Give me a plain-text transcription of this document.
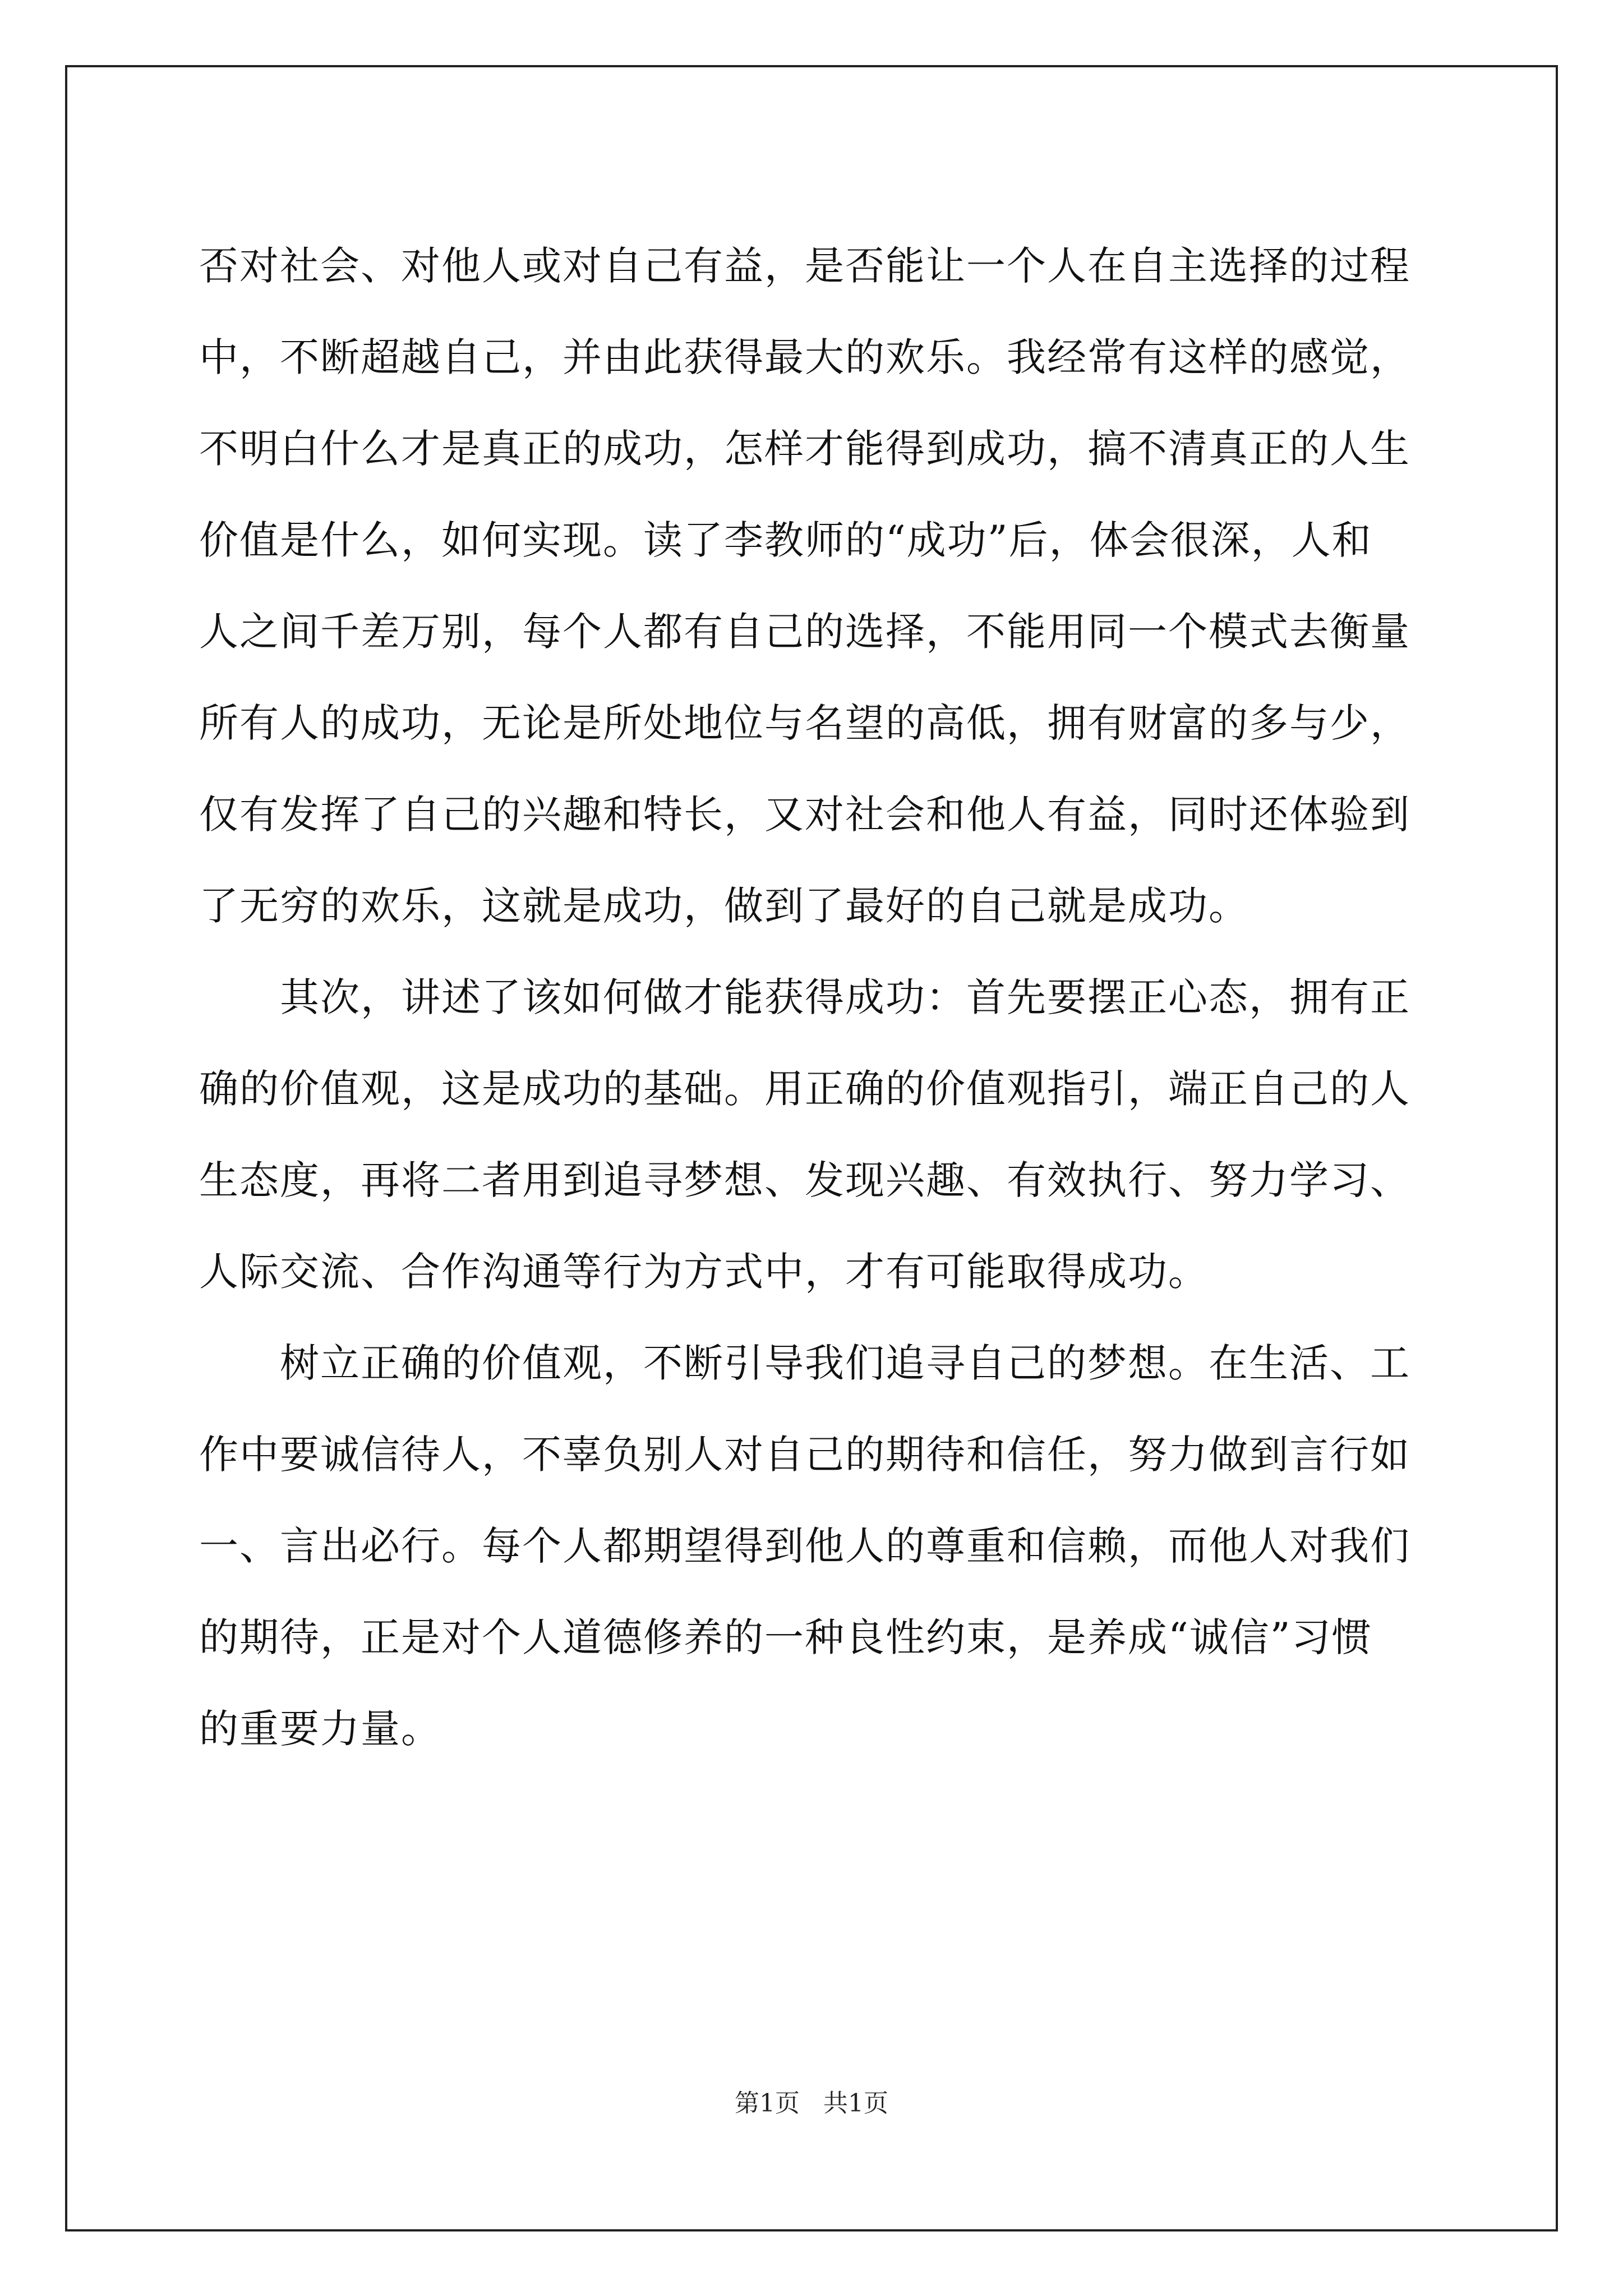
否对社会、对他人或对自己有益，是否能让一个人在自主选择的过程
中，不断超越自己，并由此获得最大的欢乐。我经常有这样的感觉，
不明白什么才是真正的成功，怎样才能得到成功，搞不清真正的人生
价值是什么，如何实现。读了李教师的“成功”后，体会很深，人和
人之间千差万别，每个人都有自己的选择，不能用同一个模式去衡量
所有人的成功，无论是所处地位与名望的高低，拥有财富的多与少，
仅有发挥了自己的兴趣和特长，又对社会和他人有益，同时还体验到
了无穷的欢乐，这就是成功，做到了最好的自己就是成功。
　　其次，讲述了该如何做才能获得成功：首先要摆正心态，拥有正
确的价值观，这是成功的基础。用正确的价值观指引，端正自己的人
生态度，再将二者用到追寻梦想、发现兴趣、有效执行、努力学习、
人际交流、合作沟通等行为方式中，才有可能取得成功。
　　树立正确的价值观，不断引导我们追寻自己的梦想。在生活、工
作中要诚信待人，不辜负别人对自己的期待和信任，努力做到言行如
一、言出必行。每个人都期望得到他人的尊重和信赖，而他人对我们
的期待，正是对个人道德修养的一种良性约束，是养成“诚信”习惯
的重要力量。
第1页 共1页
